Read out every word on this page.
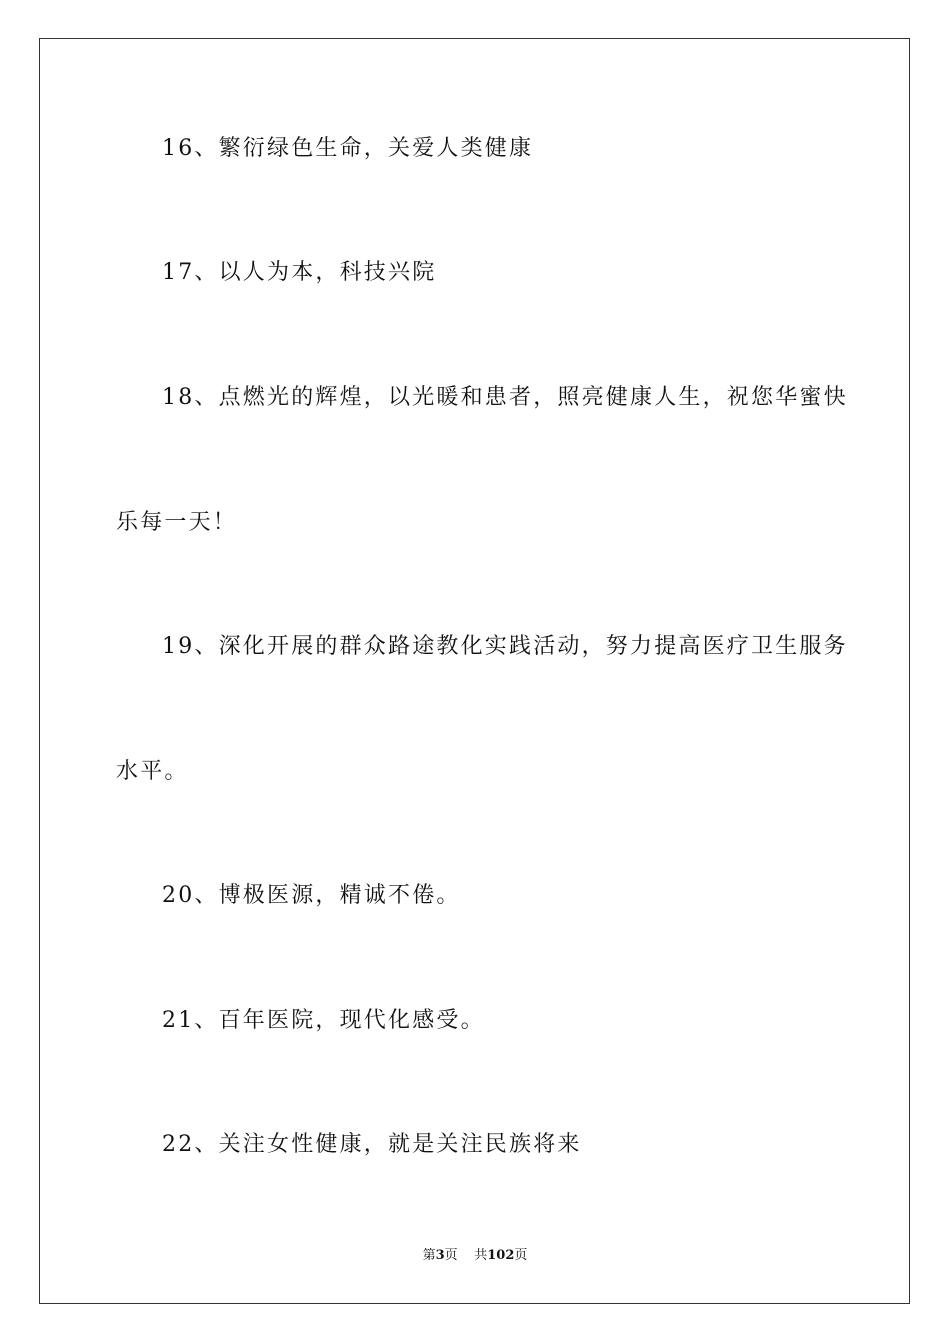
16、繁衍绿色生命，关爱人类健康
17、以人为本，科技兴院
18、点燃光的辉煌，以光暖和患者，照亮健康人生，祝您华蜜快
乐每一天！
19、深化开展的群众路途教化实践活动，努力提高医疗卫生服务
水平。
20、博极医源，精诚不倦。
21、百年医院，现代化感受。
22、关注女性健康，就是关注民族将来
第3页 共102页
